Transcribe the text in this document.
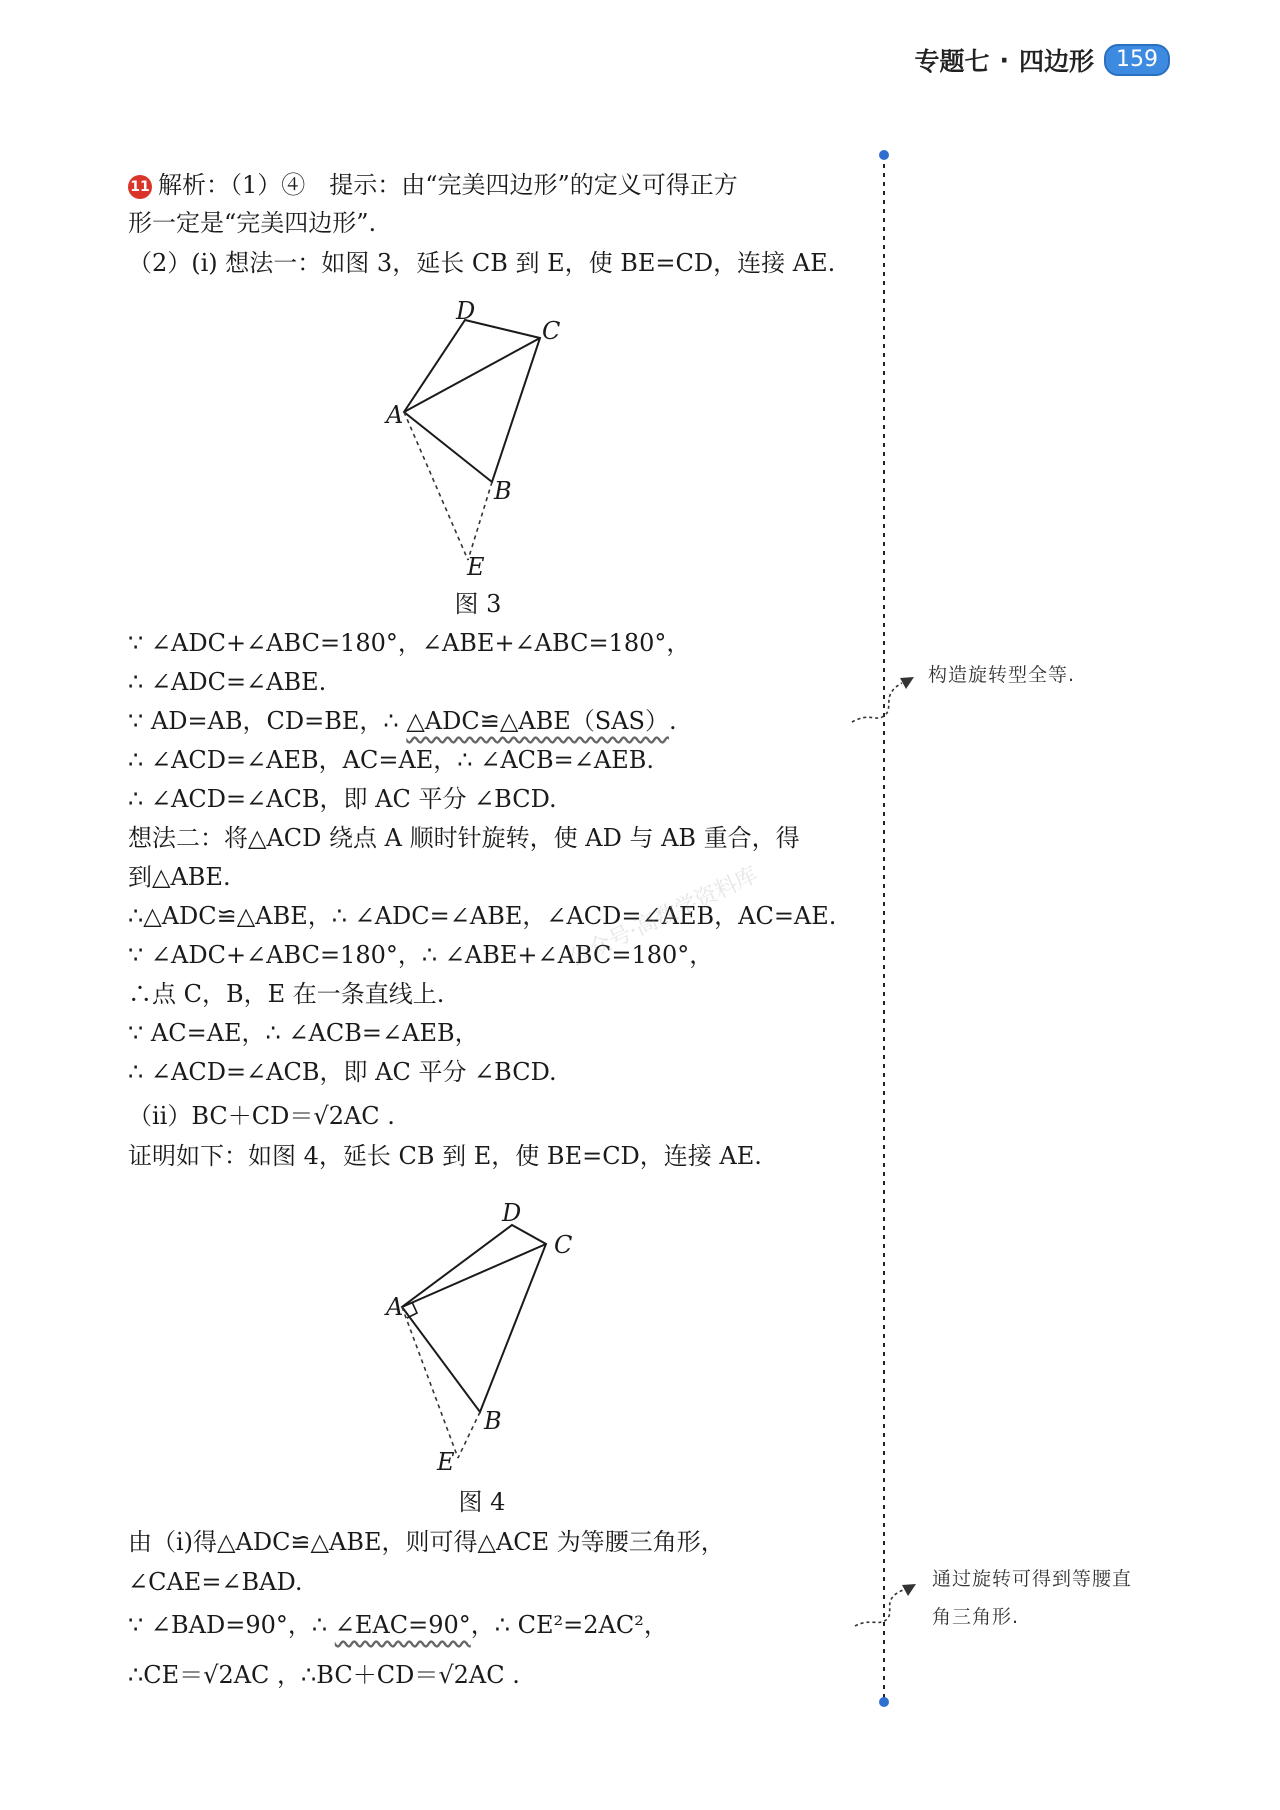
专题七 · 四边形	159
D
C
A
B
E
图 3
D
C
A
B
E
图 4
11 解析：（1）④　提示：由“完美四边形”的定义可得正方
形一定是“完美四边形”.
（2）(ⅰ) 想法一：如图 3，延长 CB 到 E，使 BE=CD，连接 AE.
∵ ∠ADC+∠ABC=180°，∠ABE+∠ABC=180°，
∴ ∠ADC=∠ABE.
∵ AD=AB，CD=BE，∴ △ADC≌△ABE（SAS）.
∴ ∠ACD=∠AEB，AC=AE，∴ ∠ACB=∠AEB.
∴ ∠ACD=∠ACB，即 AC 平分 ∠BCD.
想法二：将△ACD 绕点 A 顺时针旋转，使 AD 与 AB 重合，得
到△ABE.
∴△ADC≌△ABE，∴ ∠ADC=∠ABE，∠ACD=∠AEB，AC=AE.
∵ ∠ADC+∠ABC=180°，∴ ∠ABE+∠ABC=180°，
∴点 C，B，E 在一条直线上.
∵ AC=AE，∴ ∠ACB=∠AEB，
∴ ∠ACD=∠ACB，即 AC 平分 ∠BCD.
（ⅱ）BC＋CD＝√2AC .
证明如下：如图 4，延长 CB 到 E，使 BE=CD，连接 AE.
由（ⅰ)得△ADC≌△ABE，则可得△ACE 为等腰三角形，
∠CAE=∠BAD.
∵ ∠BAD=90°，∴ ∠EAC=90°，∴ CE²=2AC²，
∴CE＝√2AC ，∴BC＋CD＝√2AC .
构造旋转型全等.
通过旋转可得到等腰直
角三角形.
公众号·高数学资料库
